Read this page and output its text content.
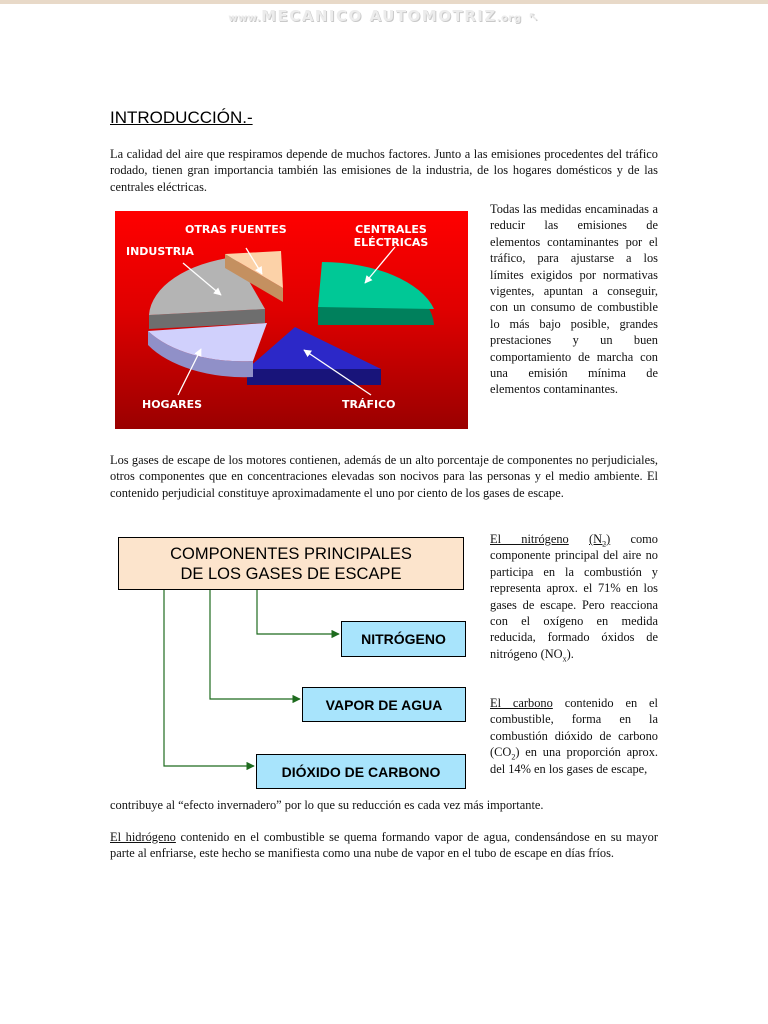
www.MECANICO AUTOMOTRIZ.org ↖
INTRODUCCIÓN.-

La calidad del aire que respiramos depende de muchos factores. Junto a las emisiones procedentes del tráfico rodado, tienen gran importancia también las emisiones de la industria, de los hogares domésticos y de las centrales eléctricas.

OTRAS FUENTES	CENTRALES ELÉCTRICAS
INDUSTRIA
HOGARES	TRÁFICO

Todas las medidas encaminadas a reducir las emisiones de elementos contaminantes por el tráfico, para ajustarse a los límites exigidos por normativas vigentes, apuntan a conseguir, con un consumo de combustible lo más bajo posible, grandes prestaciones y un buen comportamiento de marcha con una emisión mínima de elementos contaminantes.

Los gases de escape de los motores contienen, además de un alto porcentaje de componentes no perjudiciales, otros componentes que en concentraciones elevadas son nocivos para las personas y el medio ambiente. El contenido perjudicial constituye aproximadamente el uno por ciento de los gases de escape.

COMPONENTES PRINCIPALES
DE LOS GASES DE ESCAPE
NITRÓGENO
VAPOR DE AGUA
DIÓXIDO DE CARBONO

El nitrógeno $(N_2)$ como componente principal del aire no participa en la combustión y representa aprox. el 71% en los gases de escape. Pero reacciona con el oxígeno en medida reducida, formado óxidos de nitrógeno $(NO_x)$.

El carbono contenido en el combustible, forma en la combustión dióxido de carbono $(CO_2)$ en una proporción aprox. del 14% en los gases de escape,

contribuye al “efecto invernadero” por lo que su reducción es cada vez más importante.

El hidrógeno contenido en el combustible se quema formando vapor de agua, condensándose en su mayor parte al enfriarse, este hecho se manifiesta como una nube de vapor en el tubo de escape en días fríos.
